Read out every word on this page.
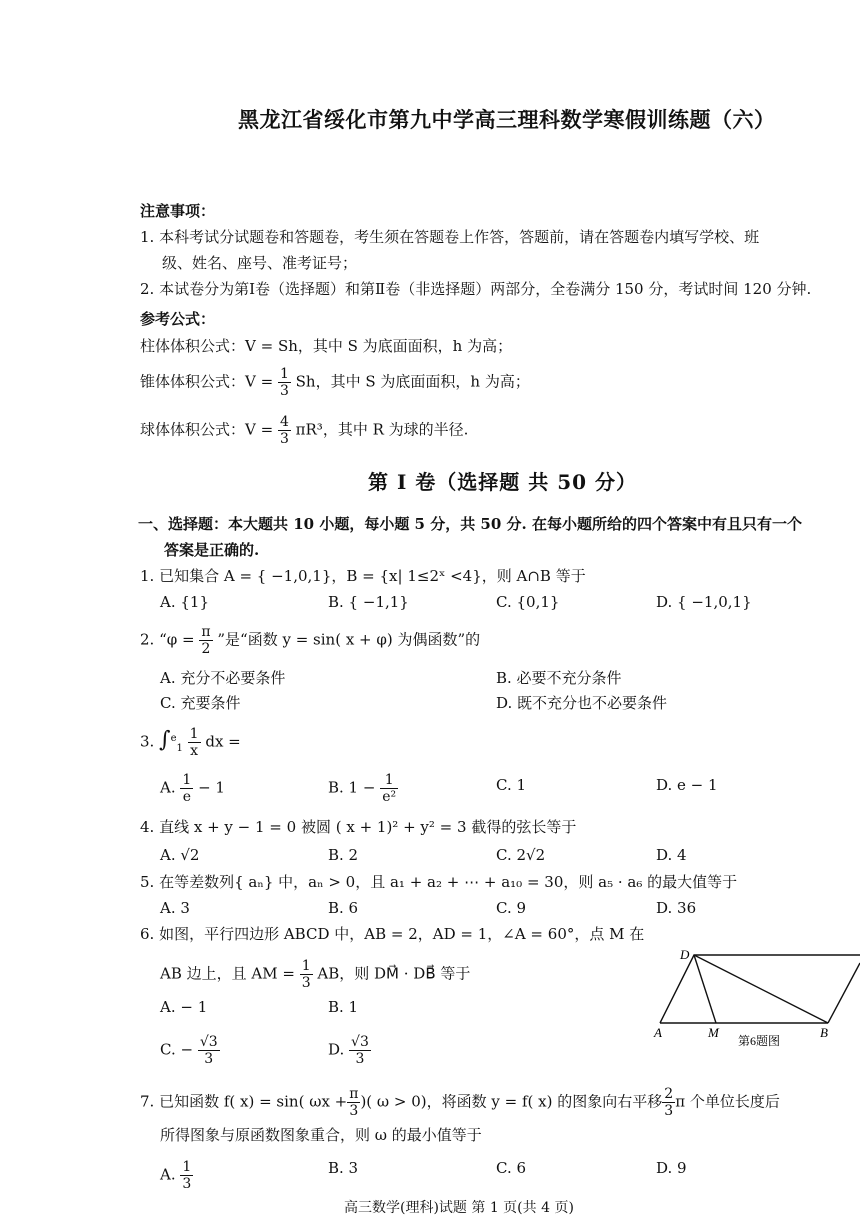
黑龙江省绥化市第九中学高三理科数学寒假训练题（六）
注意事项：
1. 本科考试分试题卷和答题卷，考生须在答题卷上作答，答题前，请在答题卷内填写学校、班
级、姓名、座号、准考证号；
2. 本试卷分为第Ⅰ卷（选择题）和第Ⅱ卷（非选择题）两部分，全卷满分 150 分，考试时间 120 分钟.
参考公式：
柱体体积公式：V = Sh，其中 S 为底面面积，h 为高；
锥体体积公式：$V = \frac{1}{3}$ Sh，其中 S 为底面面积，h 为高；
球体体积公式：$V = \frac{4}{3} \pi R^3$，其中 R 为球的半径.
第 I 卷（选择题 共 50 分）
一、选择题：本大题共 10 小题，每小题 5 分，共 50 分. 在每小题所给的四个答案中有且只有一个
答案是正确的.
1. 已知集合 A = { −1,0,1}，B = {x| 1≤2ˣ <4}，则 A∩B 等于
A. {1}	B. { −1,1}	C. {0,1}	D. { −1,0,1}
2. “$\varphi = \frac{\pi}{2}$ ”是“函数 y = sin( x + φ) 为偶函数”的
A. 充分不必要条件	B. 必要不充分条件
C. 充要条件	D. 既不充分也不必要条件
3. $\int^e_1 \frac{1}{x}$ dx =
A. $\frac{1}{e} - 1$	B. $1 - \frac{1}{\text{e²}}$	C. 1	D. e − 1
4. 直线 x + y − 1 = 0 被圆 ( x + 1)² + y² = 3 截得的弦长等于
A. √2	B. 2	C. 2√2	D. 4
5. 在等差数列{ aₙ} 中，aₙ > 0，且 a₁ + a₂ + ⋯ + a₁₀ = 30，则 a₅ · a₆ 的最大值等于
A. 3	B. 6	C. 9	D. 36
6. 如图，平行四边形 ABCD 中，AB = 2，AD = 1，∠A = 60°，点 M 在
AB 边上，且 AM = $\frac{1}{3}$ AB，则 DM⃗ · DB⃗ 等于
A. − 1	B. 1
C. − $\frac{√3}{3}$	D. $\frac{√3}{3}$
D
A	M	B
第6题图
7. 已知函数 f( x) = sin( $\omega x + \frac{\pi}{3}$ )( ω > 0)，将函数 y = f( x) 的图象向右平移 $\frac{2}{3}$ π 个单位长度后
所得图象与原函数图象重合，则 ω 的最小值等于
A. $\frac{1}{3}$	B. 3	C. 6	D. 9
高三数学(理科)试题 第 1 页(共 4 页)
